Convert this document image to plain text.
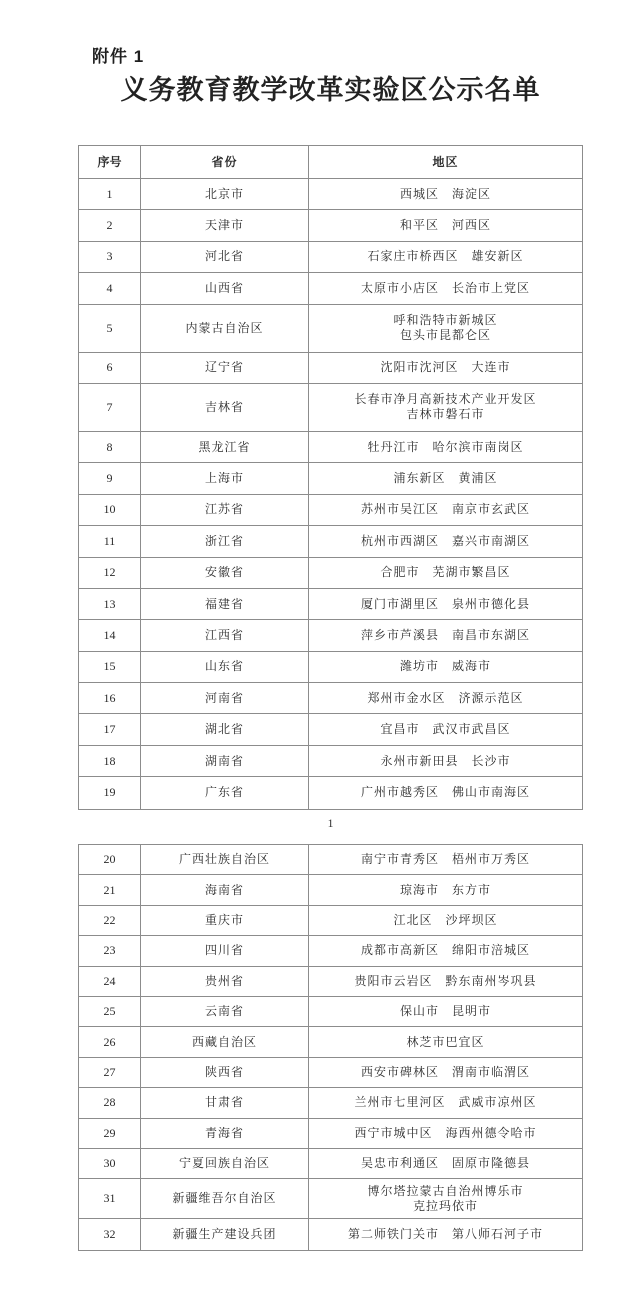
附件 1
义务教育教学改革实验区公示名单
序号	省份	地区
1	北京市	西城区　海淀区
2	天津市	和平区　河西区
3	河北省	石家庄市桥西区　雄安新区
4	山西省	太原市小店区　长治市上党区
5	内蒙古自治区
呼和浩特市新城区
包头市昆都仑区
6	辽宁省	沈阳市沈河区　大连市
7	吉林省
长春市净月高新技术产业开发区
吉林市磐石市
8	黑龙江省	牡丹江市　哈尔滨市南岗区
9	上海市	浦东新区　黄浦区
10	江苏省	苏州市吴江区　南京市玄武区
11	浙江省	杭州市西湖区　嘉兴市南湖区
12	安徽省	合肥市　芜湖市繁昌区
13	福建省	厦门市湖里区　泉州市德化县
14	江西省	萍乡市芦溪县　南昌市东湖区
15	山东省	潍坊市　威海市
16	河南省	郑州市金水区　济源示范区
17	湖北省	宜昌市　武汉市武昌区
18	湖南省	永州市新田县　长沙市
19	广东省	广州市越秀区　佛山市南海区
1
20	广西壮族自治区	南宁市青秀区　梧州市万秀区
21	海南省	琼海市　东方市
22	重庆市	江北区　沙坪坝区
23	四川省	成都市高新区　绵阳市涪城区
24	贵州省	贵阳市云岩区　黔东南州岑巩县
25	云南省	保山市　昆明市
26	西藏自治区	林芝市巴宜区
27	陕西省	西安市碑林区　渭南市临渭区
28	甘肃省	兰州市七里河区　武威市凉州区
29	青海省	西宁市城中区　海西州德令哈市
30	宁夏回族自治区	吴忠市利通区　固原市隆德县
31	新疆维吾尔自治区
博尔塔拉蒙古自治州博乐市
克拉玛依市
32	新疆生产建设兵团	第二师铁门关市　第八师石河子市
